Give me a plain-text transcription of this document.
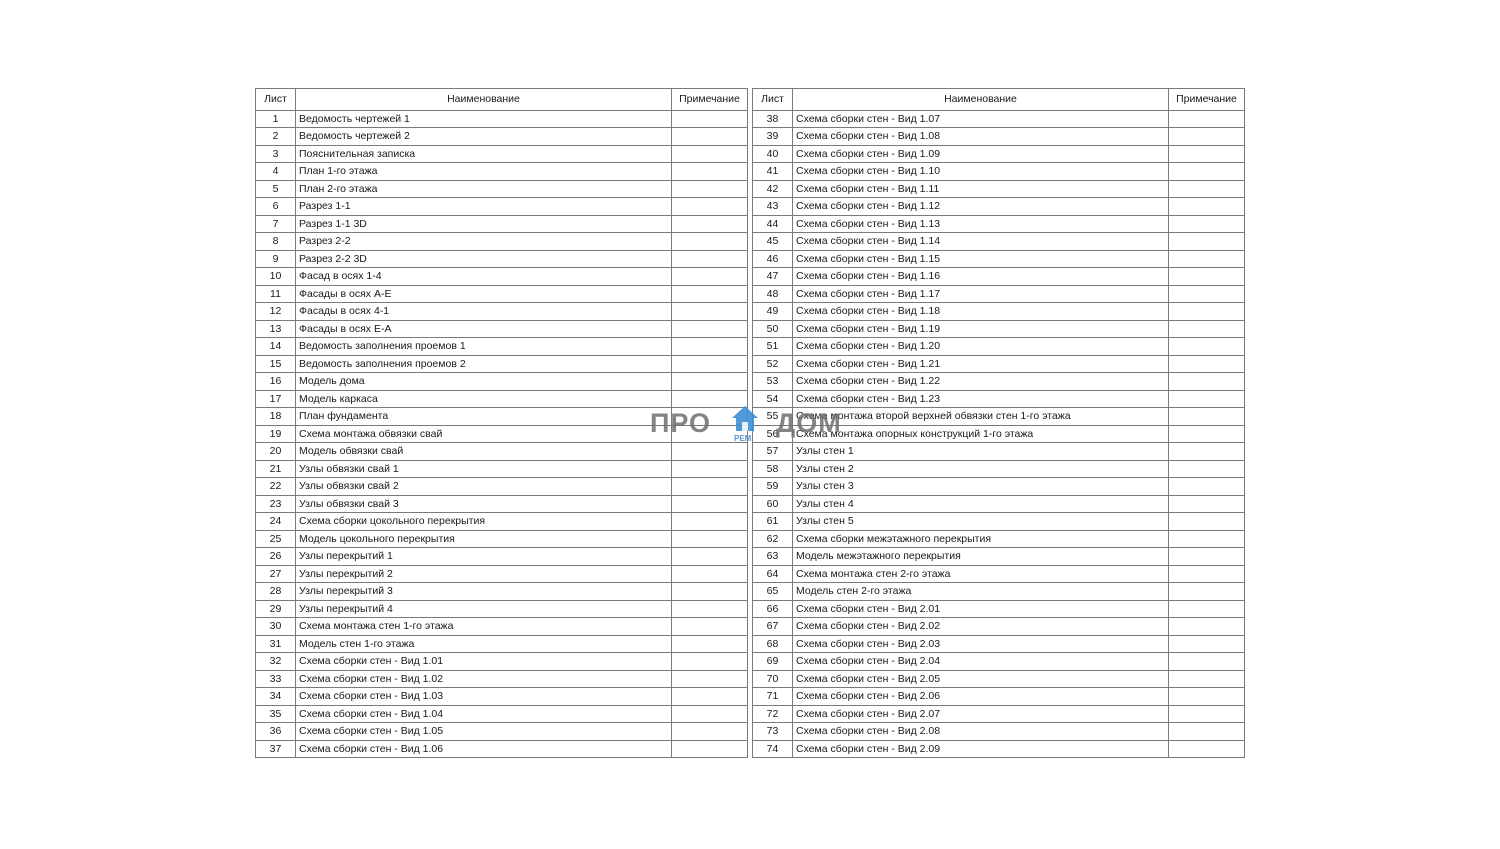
Лист	Наименование	Примечание
1	Ведомость чертежей 1	
2	Ведомость чертежей 2	
3	Пояснительная записка	
4	План 1-го этажа	
5	План 2-го этажа	
6	Разрез 1-1	
7	Разрез 1-1 3D	
8	Разрез 2-2	
9	Разрез 2-2 3D	
10	Фасад в осях 1-4	
11	Фасады в осях А-Е	
12	Фасады в осях 4-1	
13	Фасады в осях Е-А	
14	Ведомость заполнения проемов 1	
15	Ведомость заполнения проемов 2	
16	Модель дома	
17	Модель каркаса	
18	План фундамента	
19	Схема монтажа обвязки свай	
20	Модель обвязки свай	
21	Узлы обвязки свай 1	
22	Узлы обвязки свай 2	
23	Узлы обвязки свай 3	
24	Схема сборки цокольного перекрытия	
25	Модель цокольного перекрытия	
26	Узлы перекрытий 1	
27	Узлы перекрытий 2	
28	Узлы перекрытий 3	
29	Узлы перекрытий 4	
30	Схема монтажа стен 1-го этажа	
31	Модель стен 1-го этажа	
32	Схема сборки стен - Вид 1.01	
33	Схема сборки стен - Вид 1.02	
34	Схема сборки стен - Вид 1.03	
35	Схема сборки стен - Вид 1.04	
36	Схема сборки стен - Вид 1.05	
37	Схема сборки стен - Вид 1.06	
Лист	Наименование	Примечание
38	Схема сборки стен - Вид 1.07	
39	Схема сборки стен - Вид 1.08	
40	Схема сборки стен - Вид 1.09	
41	Схема сборки стен - Вид 1.10	
42	Схема сборки стен - Вид 1.11	
43	Схема сборки стен - Вид 1.12	
44	Схема сборки стен - Вид 1.13	
45	Схема сборки стен - Вид 1.14	
46	Схема сборки стен - Вид 1.15	
47	Схема сборки стен - Вид 1.16	
48	Схема сборки стен - Вид 1.17	
49	Схема сборки стен - Вид 1.18	
50	Схема сборки стен - Вид 1.19	
51	Схема сборки стен - Вид 1.20	
52	Схема сборки стен - Вид 1.21	
53	Схема сборки стен - Вид 1.22	
54	Схема сборки стен - Вид 1.23	
55	Схема монтажа второй верхней обвязки стен 1-го этажа	
56	Схема монтажа опорных конструкций 1-го этажа	
57	Узлы стен 1	
58	Узлы стен 2	
59	Узлы стен 3	
60	Узлы стен 4	
61	Узлы стен 5	
62	Схема сборки межэтажного перекрытия	
63	Модель межэтажного перекрытия	
64	Схема монтажа стен 2-го этажа	
65	Модель стен 2-го этажа	
66	Схема сборки стен - Вид 2.01	
67	Схема сборки стен - Вид 2.02	
68	Схема сборки стен - Вид 2.03	
69	Схема сборки стен - Вид 2.04	
70	Схема сборки стен - Вид 2.05	
71	Схема сборки стен - Вид 2.06	
72	Схема сборки стен - Вид 2.07	
73	Схема сборки стен - Вид 2.08	
74	Схема сборки стен - Вид 2.09	
ПРО
РЕМ
ДОМ
